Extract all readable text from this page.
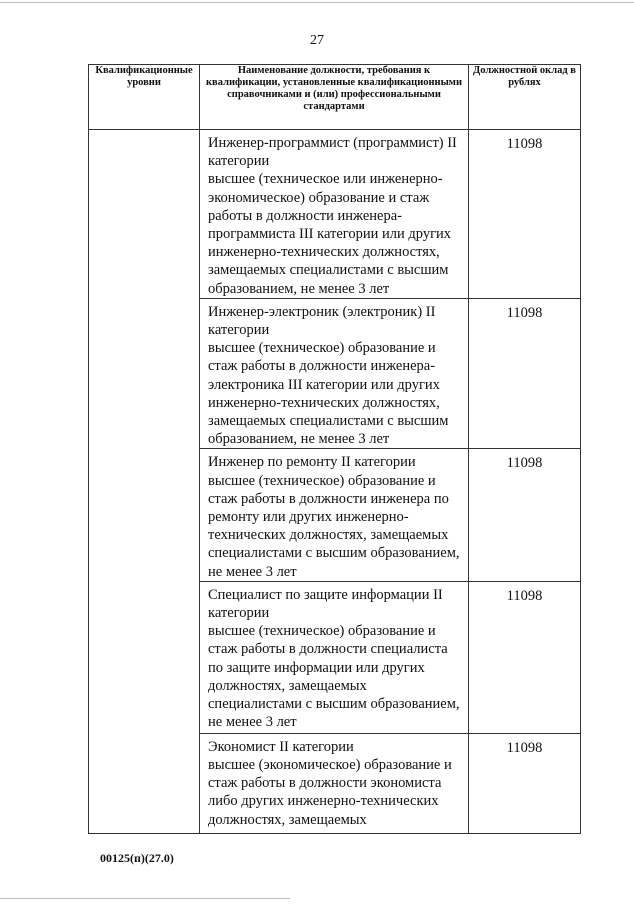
27
Квалификационные уровни	Наименование должности, требования к квалификации, установленные квалификационными справочниками и (или) профессиональными стандартами	Должностной оклад в рублях

	Инженер-программист (программист) II категории
высшее (техническое или инженерно-экономическое) образование и стаж работы в должности инженера-программиста III категории или других инженерно-технических должностях, замещаемых специалистами с высшим образованием, не менее 3 лет	11098

	Инженер-электроник (электроник) II категории
высшее (техническое) образование и стаж работы в должности инженера-электроника III категории или других инженерно-технических должностях, замещаемых специалистами с высшим образованием, не менее 3 лет	11098

	Инженер по ремонту II категории
высшее (техническое) образование и стаж работы в должности инженера по ремонту или других инженерно-технических должностях, замещаемых специалистами с высшим образованием, не менее 3 лет	11098

	Специалист по защите информации II категории
высшее (техническое) образование и стаж работы в должности специалиста по защите информации или других должностях, замещаемых специалистами с высшим образованием, не менее 3 лет	11098

	Экономист II категории
высшее (экономическое) образование и стаж работы в должности экономиста либо других инженерно-технических должностях, замещаемых	11098
00125(п)(27.0)
